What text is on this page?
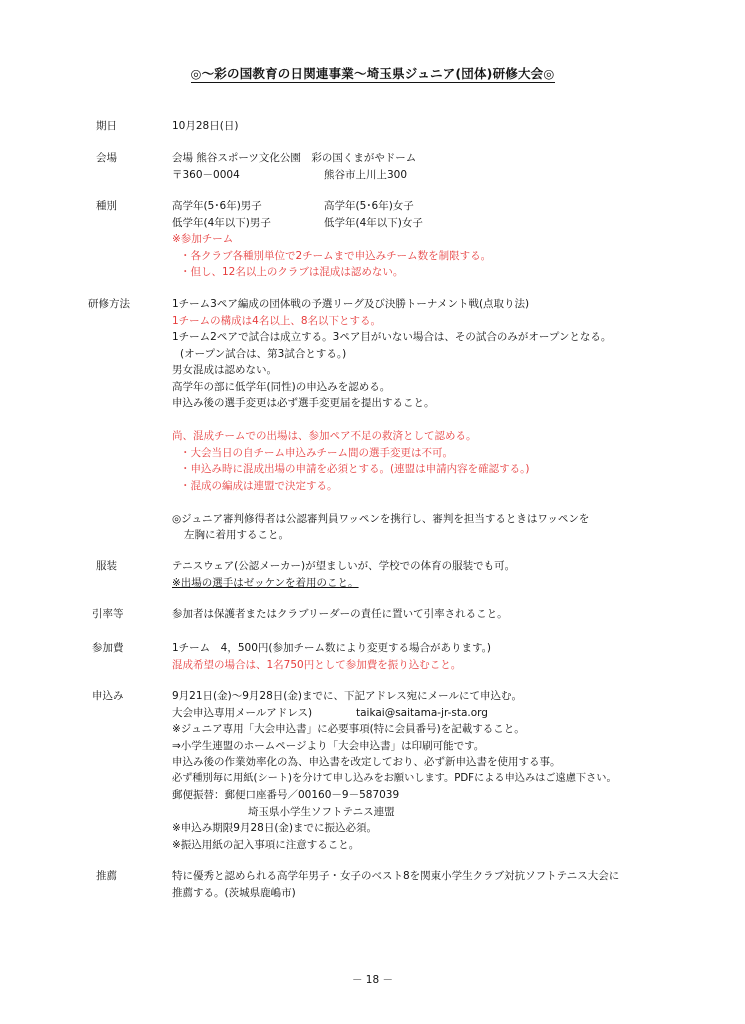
◎～彩の国教育の日関連事業～埼玉県ジュニア(団体)研修大会◎
期日	10月28日(日)
会場	会場 熊谷スポーツ文化公園　彩の国くまがやドーム
〒360－0004	熊谷市上川上300
種別	高学年(5･6年)男子	高学年(5･6年)女子
低学年(4年以下)男子	低学年(4年以下)女子
※参加チーム
・各クラブ各種別単位で2チームまで申込みチーム数を制限する。
・但し、12名以上のクラブは混成は認めない。
研修方法	1チーム3ペア編成の団体戦の予選リーグ及び決勝トーナメント戦(点取り法)
1チームの構成は4名以上、8名以下とする。
1チーム2ペアで試合は成立する。3ペア目がいない場合は、その試合のみがオープンとなる。
(オープン試合は、第3試合とする。)
男女混成は認めない。
高学年の部に低学年(同性)の申込みを認める。
申込み後の選手変更は必ず選手変更届を提出すること。
尚、混成チームでの出場は、参加ペア不足の救済として認める。
・大会当日の自チーム申込みチーム間の選手変更は不可。
・申込み時に混成出場の申請を必須とする。(連盟は申請内容を確認する。)
・混成の編成は連盟で決定する。
◎ジュニア審判修得者は公認審判員ワッペンを携行し、審判を担当するときはワッペンを
左胸に着用すること。
服装	テニスウェア(公認メーカー)が望ましいが、学校での体育の服装でも可。
※出場の選手はゼッケンを着用のこと。
引率等	参加者は保護者またはクラブリーダーの責任に置いて引率されること。
参加費	1チーム　4，500円(参加チーム数により変更する場合があります。)
混成希望の場合は、1名750円として参加費を振り込むこと。
申込み	9月21日(金)～9月28日(金)までに、下記アドレス宛にメールにて申込む。
大会申込専用メールアドレス)	taikai@saitama-jr-sta.org
※ジュニア専用「大会申込書」に必要事項(特に会員番号)を記載すること。
⇒小学生連盟のホームページより「大会申込書」は印刷可能です。
申込み後の作業効率化の為、申込書を改定しており、必ず新申込書を使用する事。
必ず種別毎に用紙(シート)を分けて申し込みをお願いします。PDFによる申込みはご遠慮下さい。
郵便振替：郵便口座番号／00160－9－587039
埼玉県小学生ソフトテニス連盟
※申込み期限9月28日(金)までに振込必須。
※振込用紙の記入事項に注意すること。
推薦	特に優秀と認められる高学年男子・女子のベスト8を関東小学生クラブ対抗ソフトテニス大会に
推薦する。(茨城県鹿嶋市)
－ 18 －
